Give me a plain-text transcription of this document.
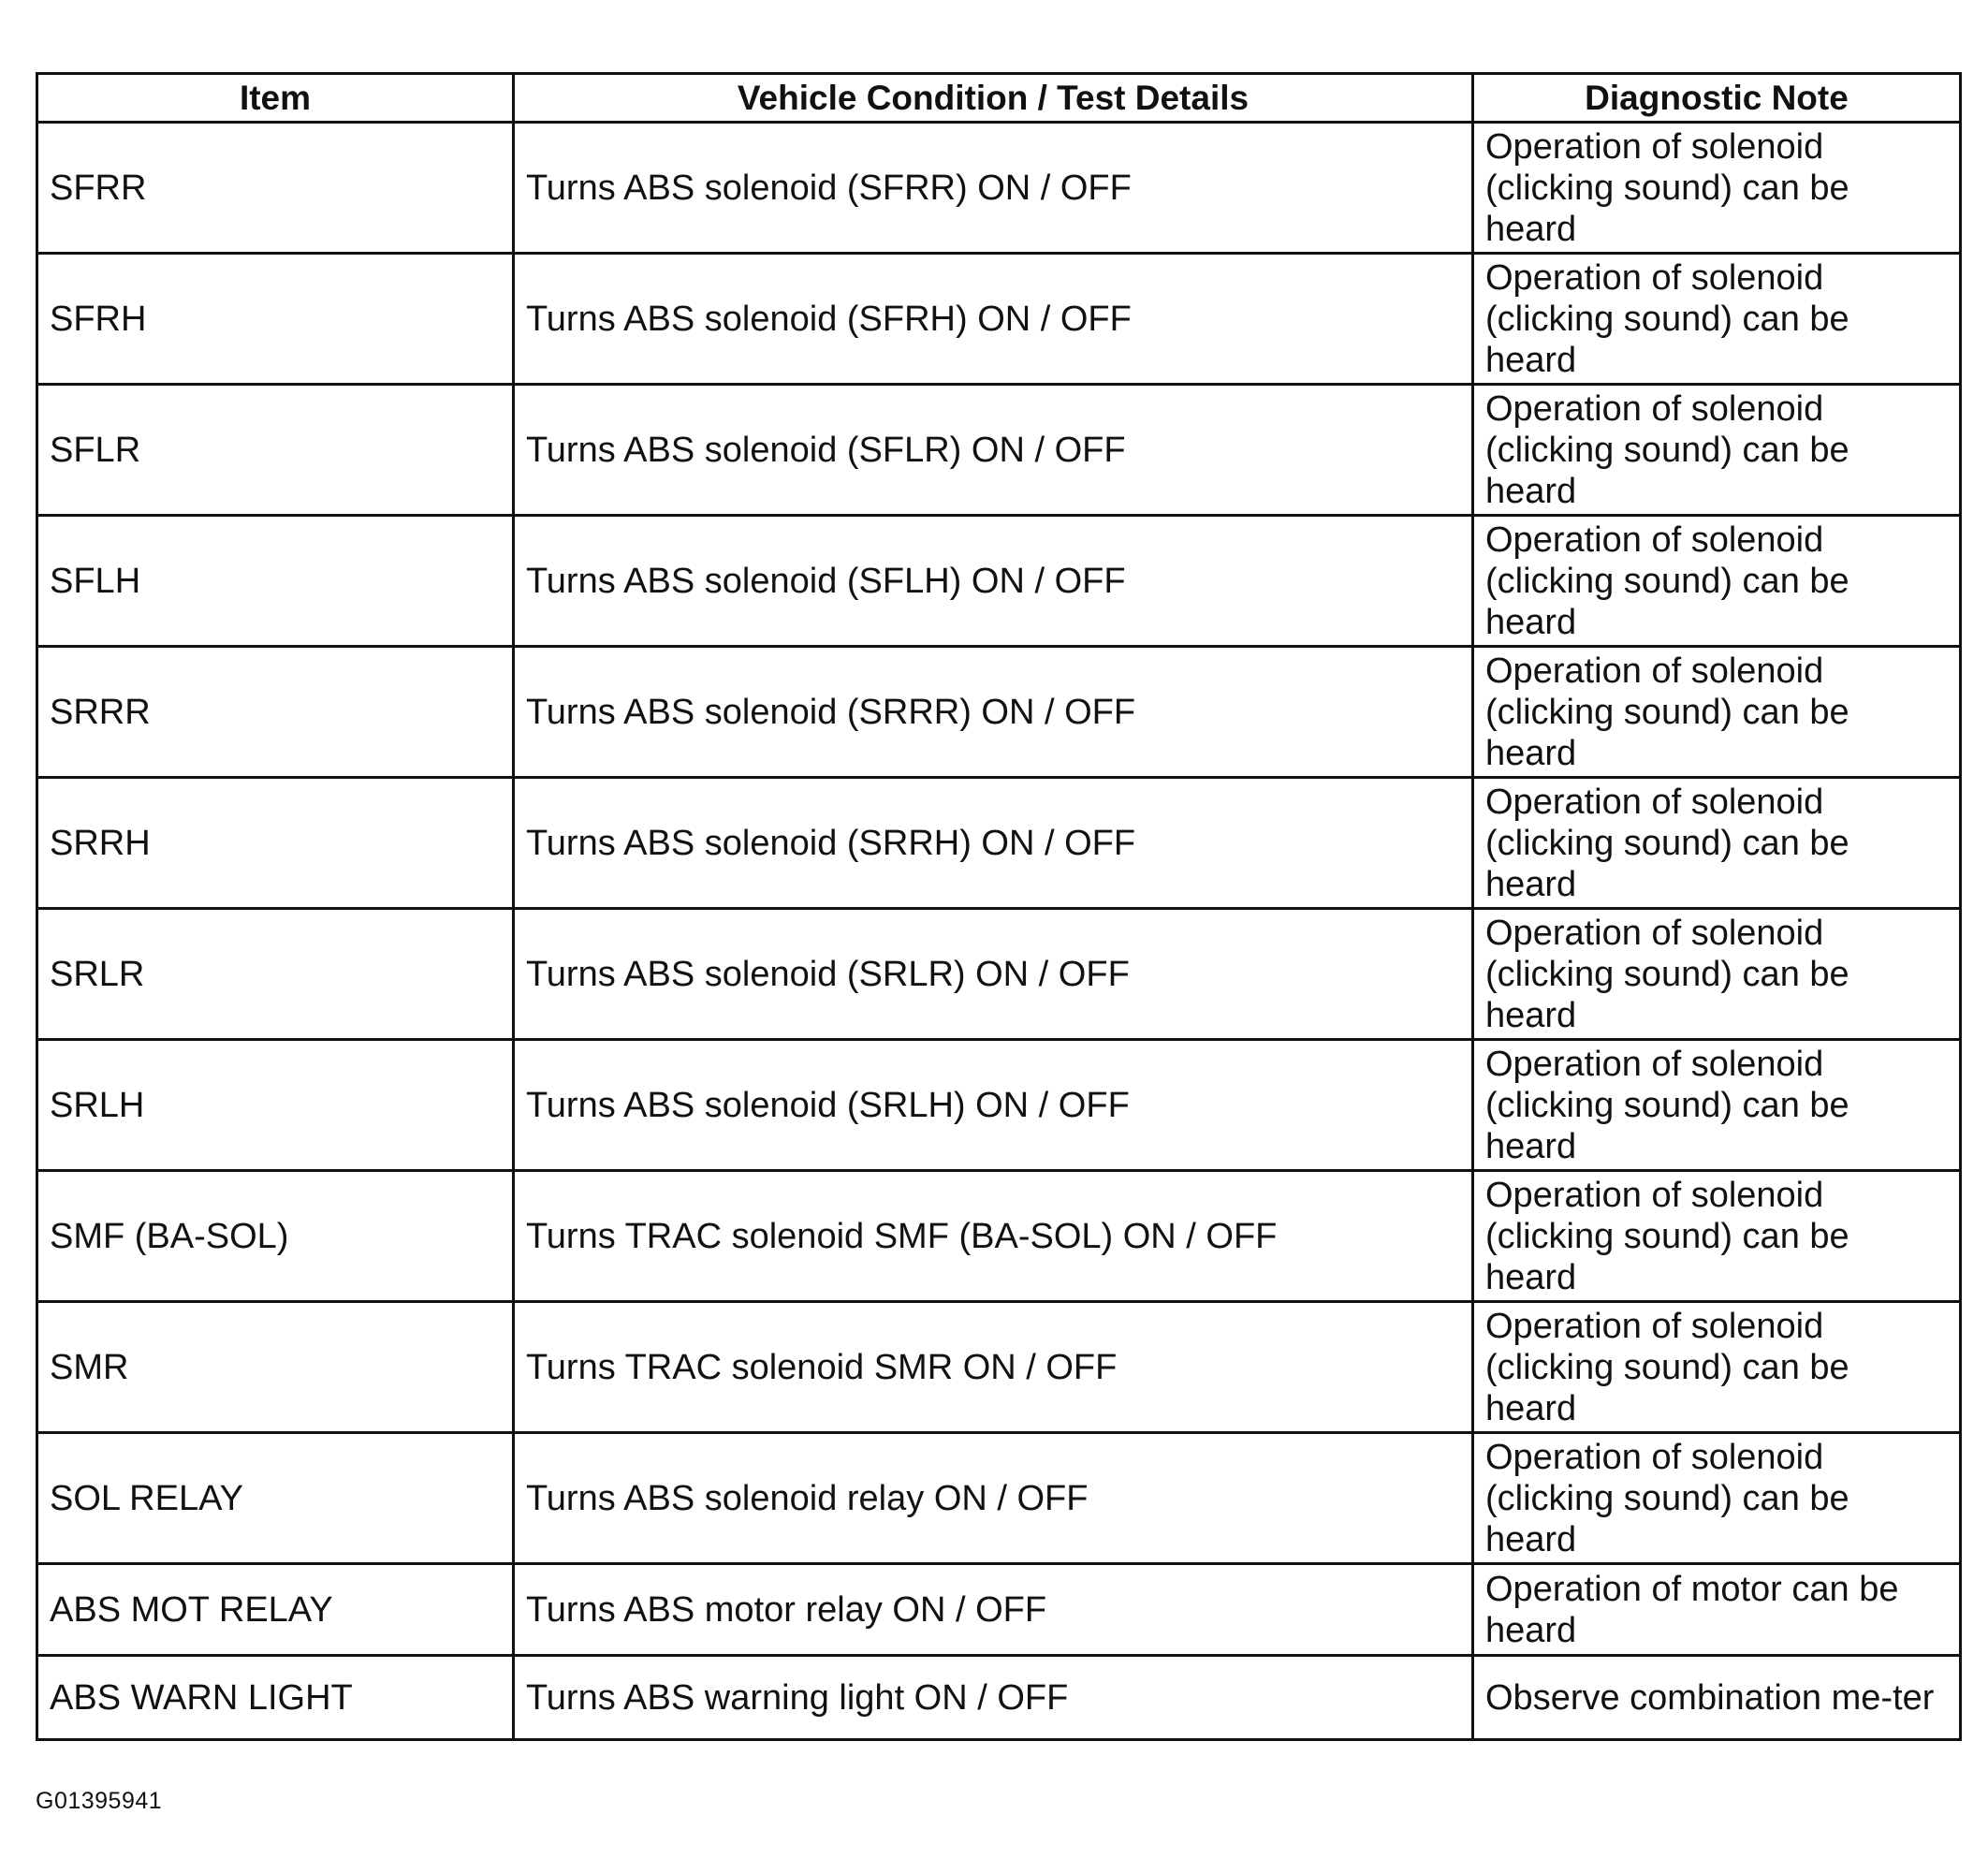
Item	Vehicle Condition / Test Details	Diagnostic Note
SFRR	Turns ABS solenoid (SFRR) ON / OFF	Operation of solenoid (clicking sound) can be heard
SFRH	Turns ABS solenoid (SFRH) ON / OFF	Operation of solenoid (clicking sound) can be heard
SFLR	Turns ABS solenoid (SFLR) ON / OFF	Operation of solenoid (clicking sound) can be heard
SFLH	Turns ABS solenoid (SFLH) ON / OFF	Operation of solenoid (clicking sound) can be heard
SRRR	Turns ABS solenoid (SRRR) ON / OFF	Operation of solenoid (clicking sound) can be heard
SRRH	Turns ABS solenoid (SRRH) ON / OFF	Operation of solenoid (clicking sound) can be heard
SRLR	Turns ABS solenoid (SRLR) ON / OFF	Operation of solenoid (clicking sound) can be heard
SRLH	Turns ABS solenoid (SRLH) ON / OFF	Operation of solenoid (clicking sound) can be heard
SMF (BA-SOL)	Turns TRAC solenoid SMF (BA-SOL) ON / OFF	Operation of solenoid (clicking sound) can be heard
SMR	Turns TRAC solenoid SMR ON / OFF	Operation of solenoid (clicking sound) can be heard
SOL RELAY	Turns ABS solenoid relay ON / OFF	Operation of solenoid (clicking sound) can be heard
ABS MOT RELAY	Turns ABS motor relay ON / OFF	Operation of motor can be heard
ABS WARN LIGHT	Turns ABS warning light ON / OFF	Observe combination me-ter
G01395941
